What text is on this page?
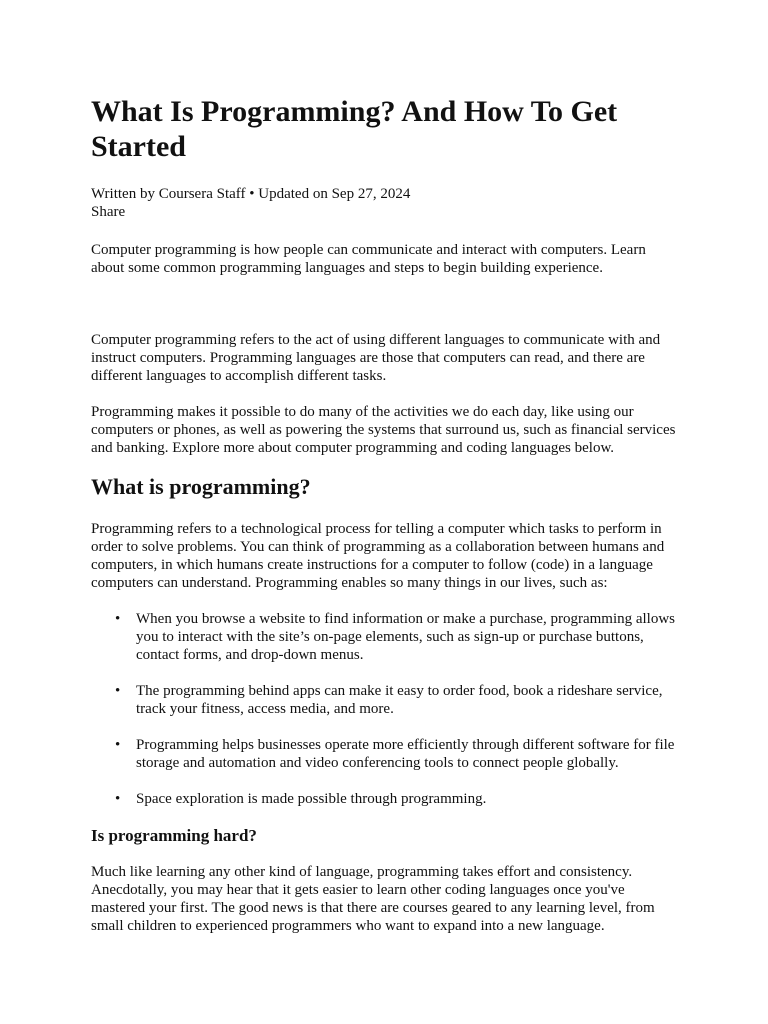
What Is Programming? And How To Get Started
Written by Coursera Staff • Updated on Sep 27, 2024
Share

Computer programming is how people can communicate and interact with computers. Learn about some common programming languages and steps to begin building experience.

Computer programming refers to the act of using different languages to communicate with and instruct computers. Programming languages are those that computers can read, and there are different languages to accomplish different tasks.

Programming makes it possible to do many of the activities we do each day, like using our computers or phones, as well as powering the systems that surround us, such as financial services and banking. Explore more about computer programming and coding languages below.

What is programming?

Programming refers to a technological process for telling a computer which tasks to perform in order to solve problems. You can think of programming as a collaboration between humans and computers, in which humans create instructions for a computer to follow (code) in a language computers can understand. Programming enables so many things in our lives, such as:

• When you browse a website to find information or make a purchase, programming allows you to interact with the site’s on-page elements, such as sign-up or purchase buttons, contact forms, and drop-down menus.
• The programming behind apps can make it easy to order food, book a rideshare service, track your fitness, access media, and more.
• Programming helps businesses operate more efficiently through different software for file storage and automation and video conferencing tools to connect people globally.
• Space exploration is made possible through programming.
Is programming hard?

Much like learning any other kind of language, programming takes effort and consistency. Anecdotally, you may hear that it gets easier to learn other coding languages once you've mastered your first. The good news is that there are courses geared to any learning level, from small children to experienced programmers who want to expand into a new language.
